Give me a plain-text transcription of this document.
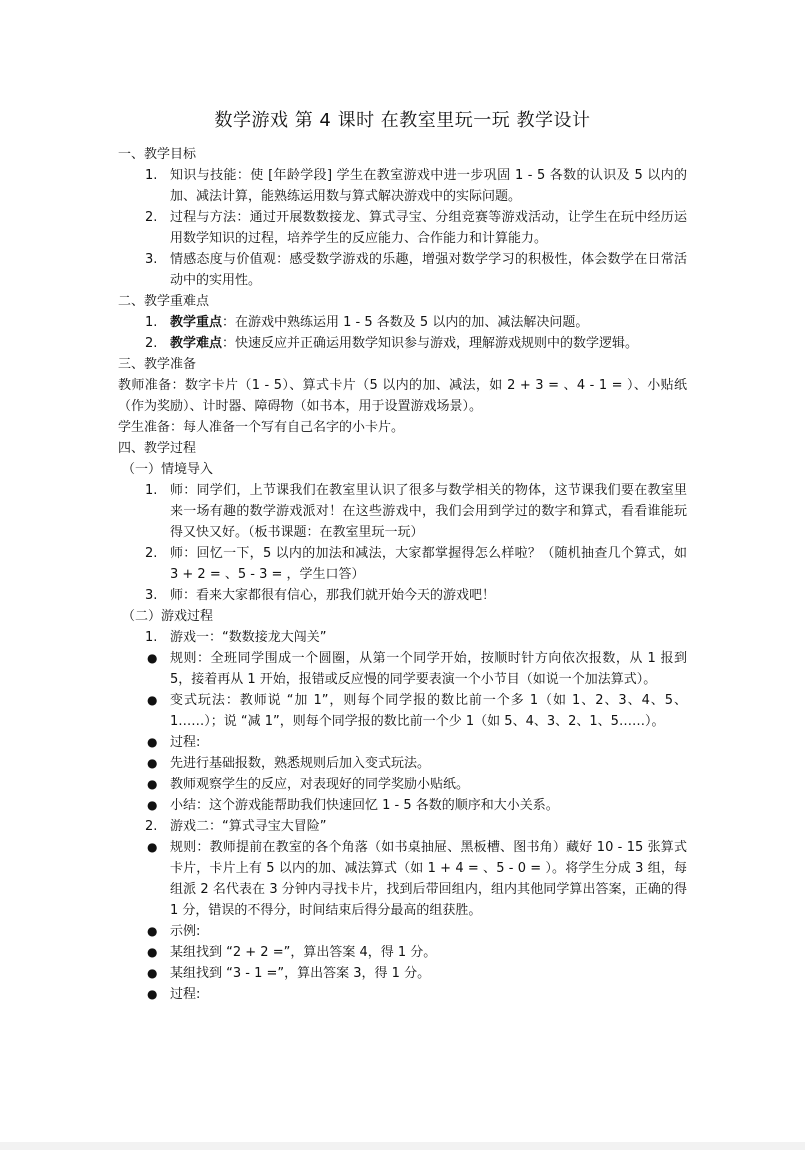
数学游戏 第 4 课时 在教室里玩一玩 教学设计
一、教学目标
1. 知识与技能：使 [年龄学段] 学生在教室游戏中进一步巩固 1 - 5 各数的认识及 5 以内的加、减法计算，能熟练运用数与算式解决游戏中的实际问题。
2. 过程与方法：通过开展数数接龙、算式寻宝、分组竞赛等游戏活动，让学生在玩中经历运用数学知识的过程，培养学生的反应能力、合作能力和计算能力。
3. 情感态度与价值观：感受数学游戏的乐趣，增强对数学学习的积极性，体会数学在日常活动中的实用性。
二、教学重难点
1. 教学重点：在游戏中熟练运用 1 - 5 各数及 5 以内的加、减法解决问题。
2. 教学难点：快速反应并正确运用数学知识参与游戏，理解游戏规则中的数学逻辑。
三、教学准备
教师准备：数字卡片（1 - 5）、算式卡片（5 以内的加、减法，如 2 + 3 = 、4 - 1 = ）、小贴纸（作为奖励）、计时器、障碍物（如书本，用于设置游戏场景）。
学生准备：每人准备一个写有自己名字的小卡片。
四、教学过程
（一）情境导入
1. 师：同学们，上节课我们在教室里认识了很多与数学相关的物体，这节课我们要在教室里来一场有趣的数学游戏派对！在这些游戏中，我们会用到学过的数字和算式，看看谁能玩得又快又好。（板书课题：在教室里玩一玩）
2. 师：回忆一下，5 以内的加法和减法，大家都掌握得怎么样啦？（随机抽查几个算式，如 3 + 2 = 、5 - 3 = ，学生口答）
3. 师：看来大家都很有信心，那我们就开始今天的游戏吧！
（二）游戏过程
1. 游戏一：“数数接龙大闯关”
● 规则：全班同学围成一个圆圈，从第一个同学开始，按顺时针方向依次报数，从 1 报到 5，接着再从 1 开始，报错或反应慢的同学要表演一个小节目（如说一个加法算式）。
● 变式玩法：教师说 “加 1”，则每个同学报的数比前一个多 1（如 1、2、3、4、5、1……）；说 “减 1”，则每个同学报的数比前一个少 1（如 5、4、3、2、1、5……）。
● 过程:
● 先进行基础报数，熟悉规则后加入变式玩法。
● 教师观察学生的反应，对表现好的同学奖励小贴纸。
● 小结：这个游戏能帮助我们快速回忆 1 - 5 各数的顺序和大小关系。
2. 游戏二：“算式寻宝大冒险”
● 规则：教师提前在教室的各个角落（如书桌抽屉、黑板槽、图书角）藏好 10 - 15 张算式卡片，卡片上有 5 以内的加、减法算式（如 1 + 4 = 、5 - 0 = ）。将学生分成 3 组，每组派 2 名代表在 3 分钟内寻找卡片，找到后带回组内，组内其他同学算出答案，正确的得 1 分，错误的不得分，时间结束后得分最高的组获胜。
● 示例:
● 某组找到 “2 + 2 =”，算出答案 4，得 1 分。
● 某组找到 “3 - 1 =”，算出答案 3，得 1 分。
● 过程:
